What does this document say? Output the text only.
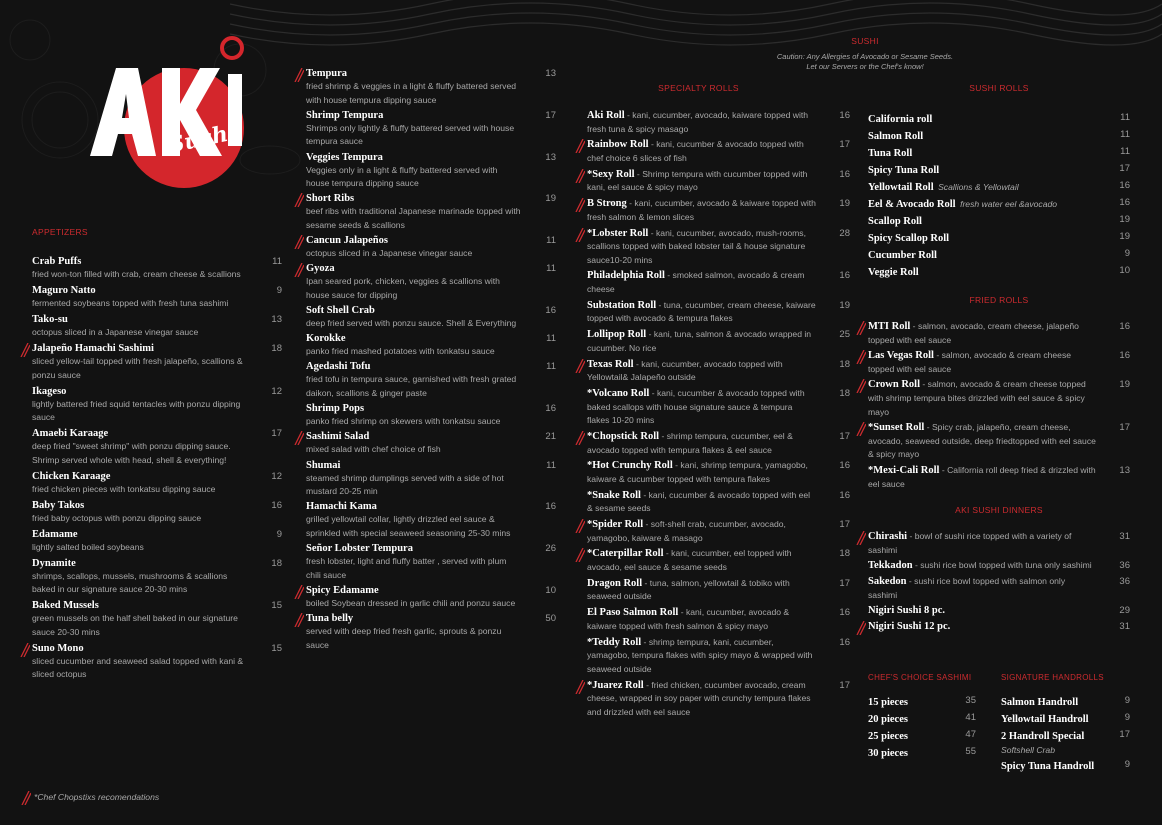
Sushi
APPETIZERS
Crab Puffs
fried won-ton filled with crab, cream cheese & scallions
11
Maguro Natto
fermented soybeans topped with fresh tuna sashimi
9
Tako-su
octopus sliced in a Japanese vinegar sauce
13
Jalapeño Hamachi Sashimi
sliced yellow-tail topped with fresh jalapeño, scallions & ponzu sauce
18
Ikageso
lightly battered fried squid tentacles with ponzu dipping sauce
12
Amaebi Karaage
deep fried "sweet shrimp" with ponzu dipping sauce. Shrimp served whole with head, shell & everything!
17
Chicken Karaage
fried chicken pieces with tonkatsu dipping sauce
12
Baby Takos
fried baby octopus with ponzu dipping sauce
16
Edamame
lightly salted boiled soybeans
9
Dynamite
shrimps, scallops, mussels, mushrooms & scallions baked in our signature sauce 20-30 mins
18
Baked Mussels
green mussels on the half shell baked in our signature sauce 20-30 mins
15
Suno Mono
sliced cucumber and seaweed salad topped with kani & sliced octopus
15
Tempura
fried shrimp & veggies in a light & fluffy battered served with house tempura dipping sauce
13
Shrimp Tempura
Shrimps only lightly & fluffy battered served with house tempura sauce
17
Veggies Tempura
Veggies only in a light & fluffy battered served with house tempura dipping sauce
13
Short Ribs
beef ribs with traditional Japanese marinade topped with sesame seeds & scallions
19
Cancun Jalapeños
octopus sliced in a Japanese vinegar sauce
11
Gyoza
Ipan seared pork, chicken, veggies & scallions with house sauce for dipping
11
Soft Shell Crab
deep fried served with ponzu sauce. Shell & Everything
16
Korokke
panko fried mashed potatoes with tonkatsu sauce
11
Agedashi Tofu
fried tofu in tempura sauce, garnished with fresh grated daikon, scallions & ginger paste
11
Shrimp Pops
panko fried shrimp on skewers with tonkatsu sauce
16
Sashimi Salad
mixed salad with chef choice of fish
21
Shumai
steamed shrimp dumplings served with a side of hot mustard 20-25 min
11
Hamachi Kama
grilled yellowtail collar, lightly drizzled eel sauce & sprinkled with special seaweed seasoning 25-30 mins
16
Señor Lobster Tempura
fresh lobster, light and fluffy batter , served with plum chili sauce
26
Spicy Edamame
boiled Soybean dressed in garlic chili and ponzu sauce
10
Tuna belly
served with deep fried fresh garlic, sprouts & ponzu sauce
50
SUSHI
Caution: Any Allergies of Avocado or Sesame Seeds.
Let our Servers or the Chef's know!
SPECIALTY ROLLS
Aki Roll - kani, cucumber, avocado, kaiware topped with fresh tuna & spicy masago
16
Rainbow Roll - kani, cucumber & avocado topped with chef choice 6 slices of fish
17
*Sexy Roll - Shrimp tempura with cucumber topped with kani, eel sauce & spicy mayo
16
B Strong - kani, cucumber, avocado & kaiware topped with fresh salmon & lemon slices
19
*Lobster Roll - kani, cucumber, avocado, mush-rooms, scallions topped with baked lobster tail & house signature sauce10-20 mins
28
Philadelphia Roll - smoked salmon, avocado & cream cheese
16
Substation Roll - tuna, cucumber, cream cheese, kaiware topped with avocado & tempura flakes
19
Lollipop Roll - kani, tuna, salmon & avocado wrapped in cucumber. No rice
25
Texas Roll - kani, cucumber, avocado topped with Yellowtail& Jalapeño outside
18
*Volcano Roll - kani, cucumber & avocado topped with baked scallops with house signature sauce & tempura flakes 10-20 mins
18
*Chopstick Roll - shrimp tempura, cucumber, eel & avocado topped with tempura flakes & eel sauce
17
*Hot Crunchy Roll - kani, shrimp tempura, yamagobo, kaiware & cucumber topped with tempura flakes
16
*Snake Roll - kani, cucumber & avocado topped with eel & sesame seeds
16
*Spider Roll - soft-shell crab, cucumber, avocado, yamagobo, kaiware & masago
17
*Caterpillar Roll - kani, cucumber, eel topped with avocado, eel sauce & sesame seeds
18
Dragon Roll - tuna, salmon, yellowtail & tobiko with seaweed outside
17
El Paso Salmon Roll - kani, cucumber, avocado & kaiware topped with fresh salmon & spicy mayo
16
*Teddy Roll - shrimp tempura, kani, cucumber, yamagobo, tempura flakes with spicy mayo & wrapped with seaweed outside
16
*Juarez Roll - fried chicken, cucumber avocado, cream cheese, wrapped in soy paper with crunchy tempura flakes and drizzled with eel sauce
17
SUSHI ROLLS
California roll	11
Salmon Roll	11
Tuna Roll	11
Spicy Tuna Roll	17
Yellowtail Roll Scallions & Yellowtail	16
Eel & Avocado Roll fresh water eel &avocado	16
Scallop Roll	19
Spicy Scallop Roll	19
Cucumber Roll	9
Veggie Roll	10
FRIED ROLLS
MTI Roll - salmon, avocado, cream cheese, jalapeño topped with eel sauce
16
Las Vegas Roll - salmon, avocado & cream cheese topped with eel sauce
16
Crown Roll - salmon, avocado & cream cheese topped with shrimp tempura bites drizzled with eel sauce & spicy mayo
19
*Sunset Roll - Spicy crab, jalapeño, cream cheese, avocado, seaweed outside, deep friedtopped with eel sauce & spicy mayo
17
*Mexi-Cali Roll - California roll deep fried & drizzled with eel sauce
13
AKI SUSHI DINNERS
Chirashi - bowl of sushi rice topped with a variety of sashimi
31
Tekkadon - sushi rice bowl topped with tuna only sashimi	36
Sakedon - sushi rice bowl topped with salmon only sashimi
36
Nigiri Sushi 8 pc.	29
Nigiri Sushi 12 pc.	31
CHEF'S CHOICE SASHIMI
15 pieces	35
20 pieces	41
25 pieces	47
30 pieces	55
SIGNATURE HANDROLLS
Salmon Handroll	9
Yellowtail Handroll	9
2 Handroll Special
Softshell Crab
17
Spicy Tuna Handroll	9
*Chef Chopstixs recomendations
